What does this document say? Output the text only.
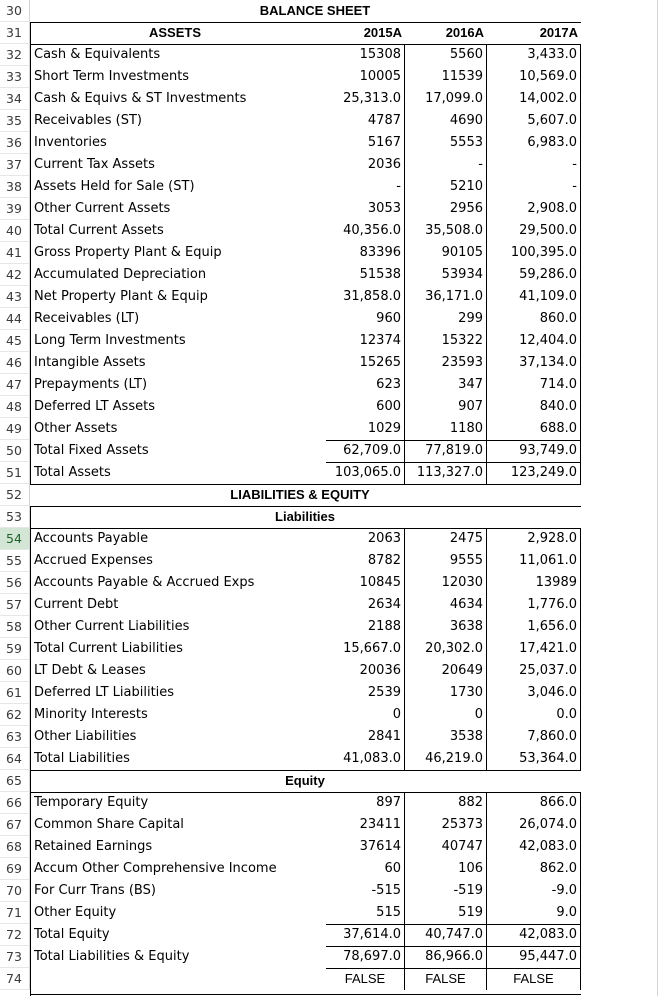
30	BALANCE SHEET
31	ASSETS	2015A	2016A	2017A
32 Cash & Equivalents	15308	5560	3,433.0
33 Short Term Investments	10005	11539	10,569.0
34 Cash & Equivs & ST Investments	25,313.0	17,099.0	14,002.0
35 Receivables (ST)	4787	4690	5,607.0
36 Inventories	5167	5553	6,983.0
37 Current Tax Assets	2036	-	-
38 Assets Held for Sale (ST)	-	5210	-
39 Other Current Assets	3053	2956	2,908.0
40 Total Current Assets	40,356.0	35,508.0	29,500.0
41 Gross Property Plant & Equip	83396	90105	100,395.0
42 Accumulated Depreciation	51538	53934	59,286.0
43 Net Property Plant & Equip	31,858.0	36,171.0	41,109.0
44 Receivables (LT)	960	299	860.0
45 Long Term Investments	12374	15322	12,404.0
46 Intangible Assets	15265	23593	37,134.0
47 Prepayments (LT)	623	347	714.0
48 Deferred LT Assets	600	907	840.0
49 Other Assets	1029	1180	688.0
50 Total Fixed Assets	62,709.0	77,819.0	93,749.0
51 Total Assets	103,065.0	113,327.0	123,249.0
52	LIABILITIES & EQUITY
53	Liabilities
54 Accounts Payable	2063	2475	2,928.0
55 Accrued Expenses	8782	9555	11,061.0
56 Accounts Payable & Accrued Exps	10845	12030	13989
57 Current Debt	2634	4634	1,776.0
58 Other Current Liabilities	2188	3638	1,656.0
59 Total Current Liabilities	15,667.0	20,302.0	17,421.0
60 LT Debt & Leases	20036	20649	25,037.0
61 Deferred LT Liabilities	2539	1730	3,046.0
62 Minority Interests	0	0	0.0
63 Other Liabilities	2841	3538	7,860.0
64 Total Liabilities	41,083.0	46,219.0	53,364.0
65	Equity
66 Temporary Equity	897	882	866.0
67 Common Share Capital	23411	25373	26,074.0
68 Retained Earnings	37614	40747	42,083.0
69 Accum Other Comprehensive Income	60	106	862.0
70 For Curr Trans (BS)	-515	-519	-9.0
71 Other Equity	515	519	9.0
72 Total Equity	37,614.0	40,747.0	42,083.0
73 Total Liabilities & Equity	78,697.0	86,966.0	95,447.0
74	FALSE	FALSE	FALSE
